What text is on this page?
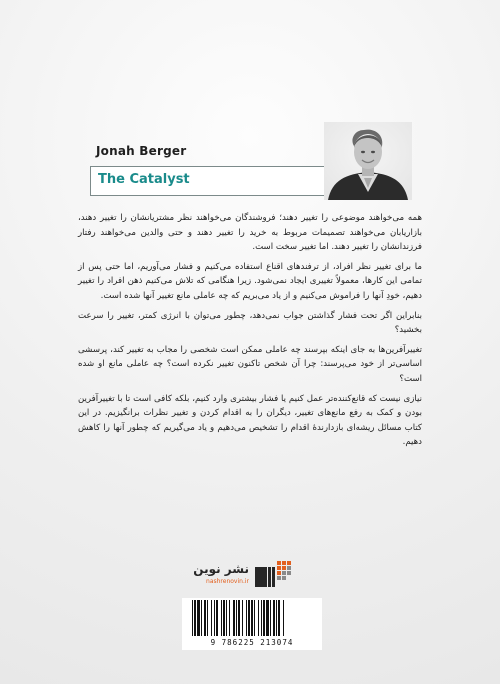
Jonah Berger
The Catalyst

همه می‌خواهند موضوعی را تغییر دهند؛ فروشندگان می‌خواهند نظر مشتریانشان را تغییر دهند، بازاریابان می‌خواهند تصمیمات مربوط به خرید را تغییر دهند و حتی والدین می‌خواهند رفتار فرزندانشان را تغییر دهند. اما تغییر سخت است.

ما برای تغییر نظر افراد، از ترفندهای اقناع استفاده می‌کنیم و فشار می‌آوریم، اما حتی پس از تمامی این کارها، معمولاً تغییری ایجاد نمی‌شود. زیرا هنگامی که تلاش می‌کنیم ذهن افراد را تغییر دهیم، خودِ آنها را فراموش می‌کنیم و از یاد می‌بریم که چه عاملی مانع تغییر آنها شده است.

بنابراین اگر تحت فشار گذاشتن جواب نمی‌دهد، چطور می‌توان با انرژی کمتر، تغییر را سرعت بخشید؟

تغییرآفرین‌ها به جای اینکه بپرسند چه عاملی ممکن است شخصی را مجاب به تغییر کند، پرسشی اساسی‌تر از خود می‌پرسند: چرا آن شخص تاکنون تغییر نکرده است؟ چه عاملی مانع او شده است؟

نیازی نیست که قانع‌کننده‌تر عمل کنیم یا فشار بیشتری وارد کنیم، بلکه کافی است تا با تغییرآفرین بودن و کمک به رفع مانع‌های تغییر، دیگران را به اقدام کردن و تغییر نظرات برانگیزیم. در این کتاب مسائل ریشه‌ای بازدارندهٔ اقدام را تشخیص می‌دهیم و یاد می‌گیریم که چطور آنها را کاهش دهیم.

نشر نوین
nashrenovin.ir
9 786225 213074
